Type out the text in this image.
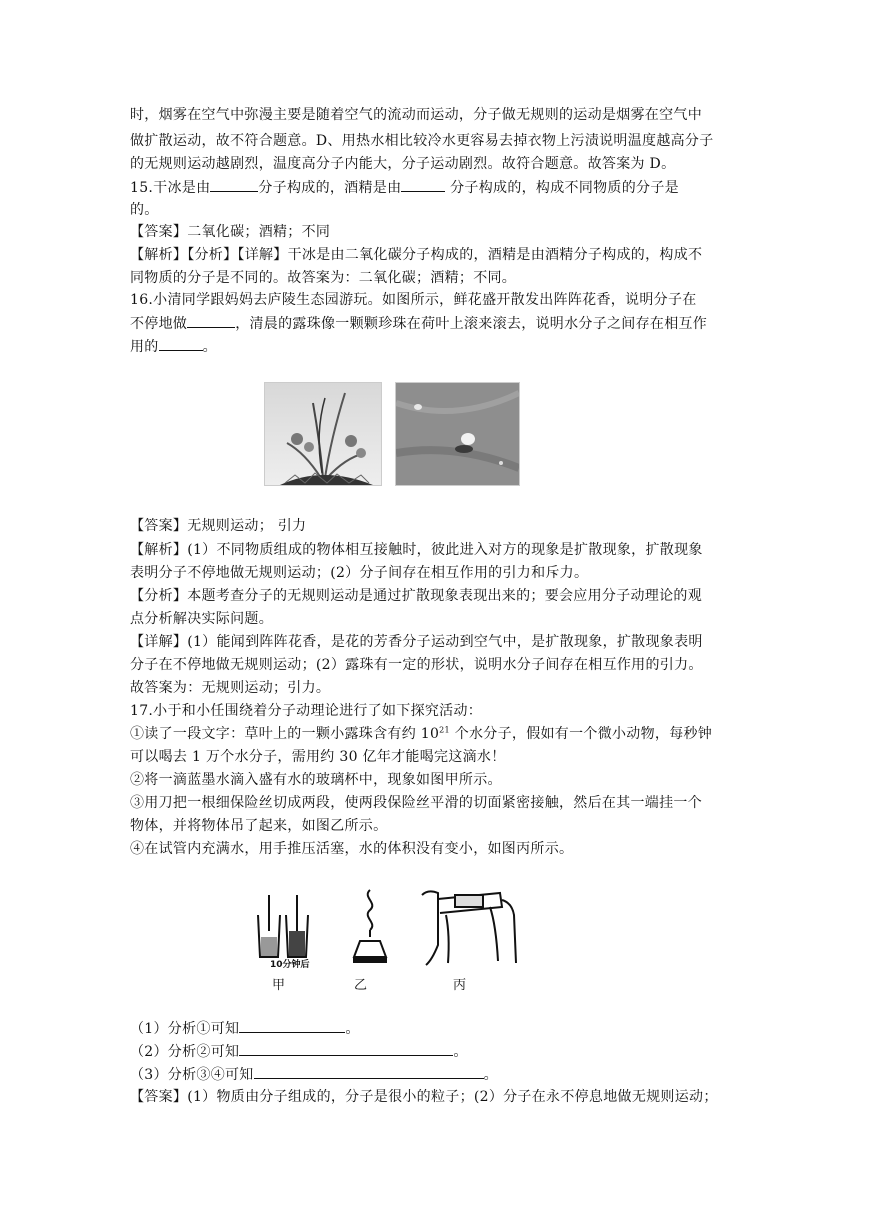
时，烟雾在空气中弥漫主要是随着空气的流动而运动，分子做无规则的运动是烟雾在空气中
做扩散运动，故不符合题意。D、用热水相比较冷水更容易去掉衣物上污渍说明温度越高分子
的无规则运动越剧烈，温度高分子内能大，分子运动剧烈。故符合题意。故答案为 D。
15.干冰是由	分子构成的，酒精是由	分子构成的，构成不同物质的分子是
的。
【答案】二氧化碳；酒精；不同
【解析】【分析】【详解】干冰是由二氧化碳分子构成的，酒精是由酒精分子构成的，构成不
同物质的分子是不同的。故答案为：二氧化碳；酒精；不同。
16.小清同学跟妈妈去庐陵生态园游玩。如图所示，鲜花盛开散发出阵阵花香，说明分子在
不停地做	，清晨的露珠像一颗颗珍珠在荷叶上滚来滚去，说明水分子之间存在相互作
用的	。
【答案】无规则运动； 引力
【解析】(1）不同物质组成的物体相互接触时，彼此进入对方的现象是扩散现象，扩散现象
表明分子不停地做无规则运动；(2）分子间存在相互作用的引力和斥力。
【分析】本题考查分子的无规则运动是通过扩散现象表现出来的；要会应用分子动理论的观
点分析解决实际问题。
【详解】(1）能闻到阵阵花香，是花的芳香分子运动到空气中，是扩散现象，扩散现象表明
分子在不停地做无规则运动；(2）露珠有一定的形状，说明水分子间存在相互作用的引力。
故答案为：无规则运动；引力。
17.小于和小任围绕着分子动理论进行了如下探究活动：
①读了一段文字：草叶上的一颗小露珠含有约 $10^{21}$ 个水分子，假如有一个微小动物，每秒钟
可以喝去 1 万个水分子，需用约 30 亿年才能喝完这滴水！
②将一滴蓝墨水滴入盛有水的玻璃杯中，现象如图甲所示。
③用刀把一根细保险丝切成两段，使两段保险丝平滑的切面紧密接触，然后在其一端挂一个
物体，并将物体吊了起来，如图乙所示。
④在试管内充满水，用手推压活塞，水的体积没有变小，如图丙所示。
10分钟后
甲	乙	丙
（1）分析①可知	。
（2）分析②可知	。
（3）分析③④可知	。
【答案】(1）物质由分子组成的，分子是很小的粒子；(2）分子在永不停息地做无规则运动；
